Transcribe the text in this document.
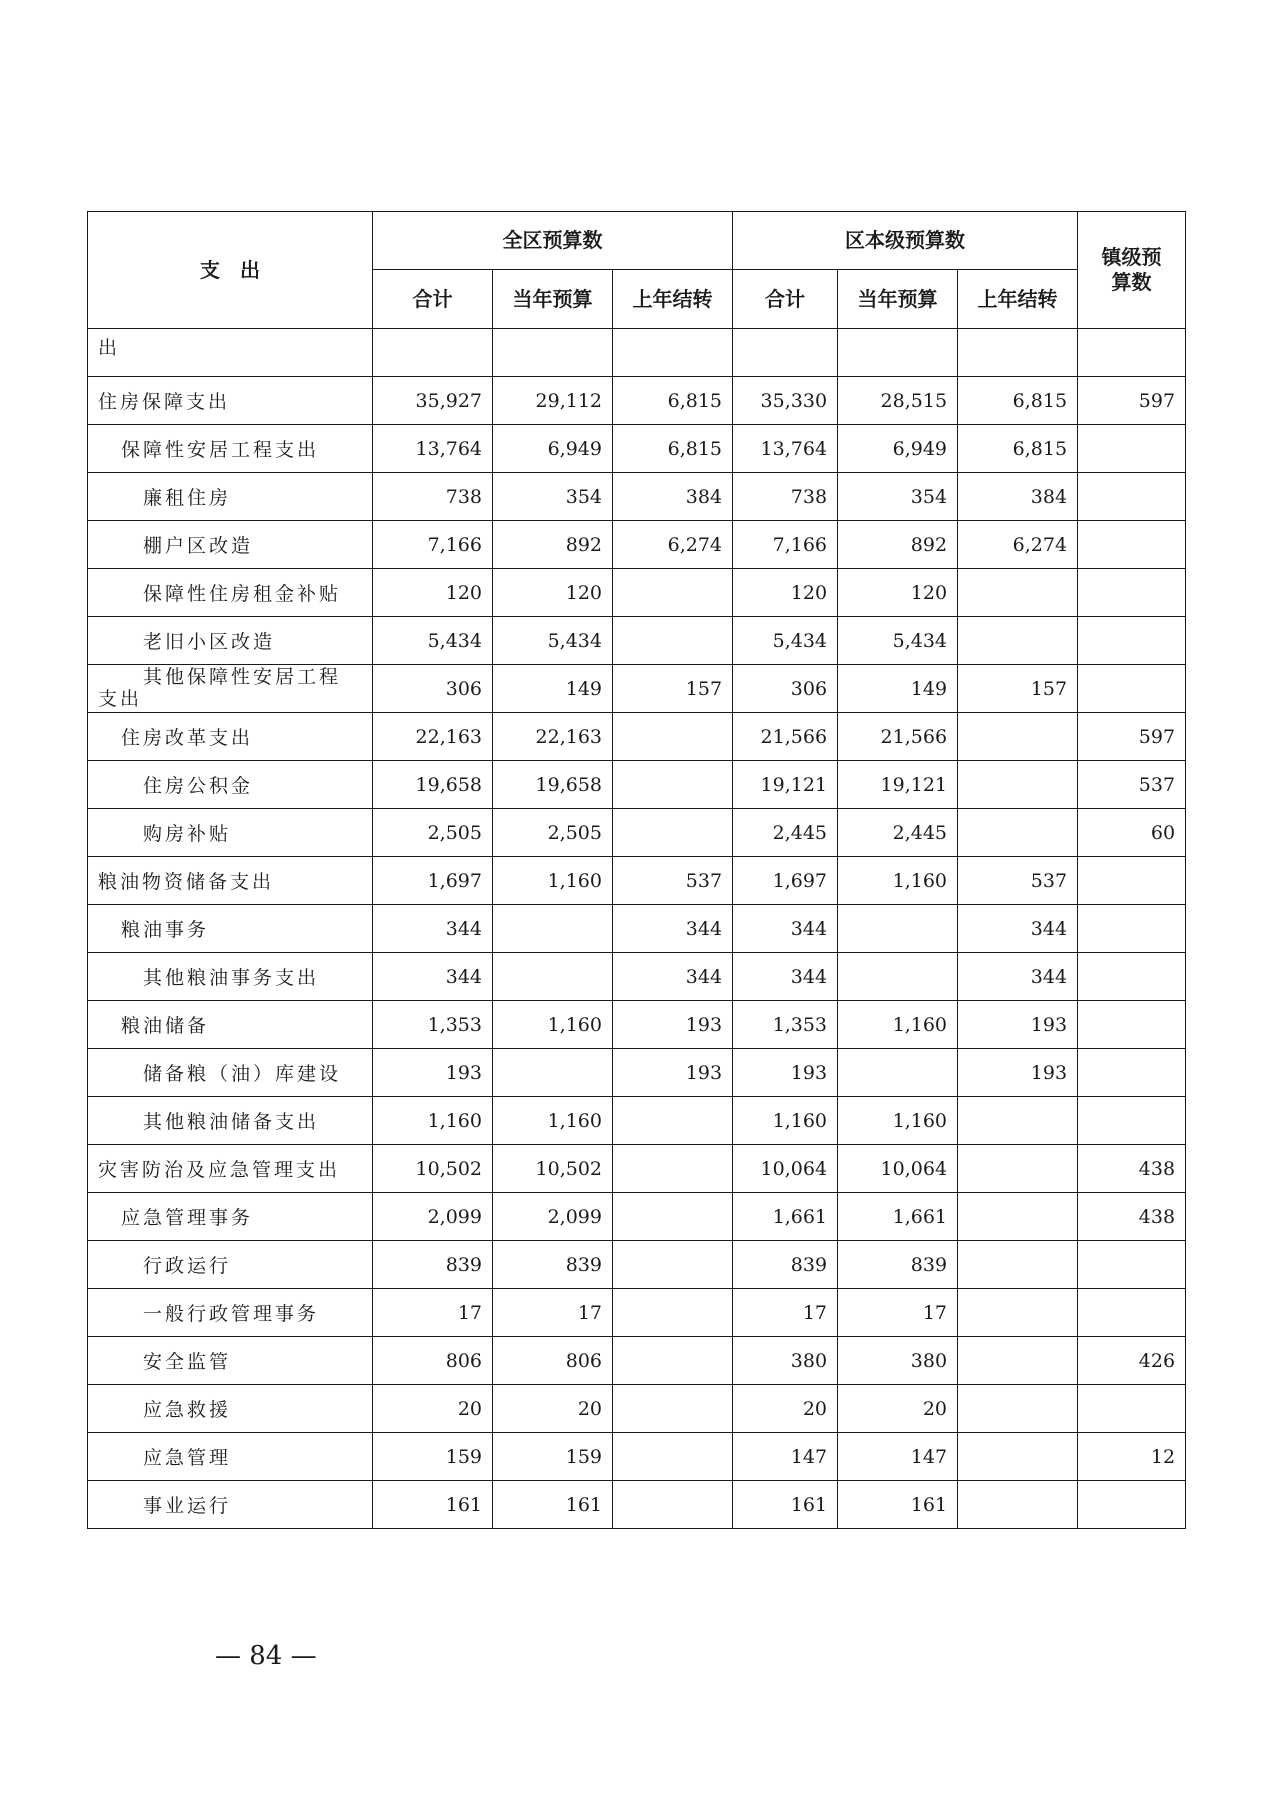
支　出	全区预算数			区本级预算数			镇级预算数
	合计	当年预算	上年结转	合计	当年预算	上年结转	
出							
住房保障支出	35,927	29,112	6,815	35,330	28,515	6,815	597
保障性安居工程支出	13,764	6,949	6,815	13,764	6,949	6,815	
廉租住房	738	354	384	738	354	384	
棚户区改造	7,166	892	6,274	7,166	892	6,274	
保障性住房租金补贴	120	120		120	120		
老旧小区改造	5,434	5,434		5,434	5,434		

其他保障性安居工程
支出	306	149	157	306	149	157	
住房改革支出	22,163	22,163		21,566	21,566		597
住房公积金	19,658	19,658		19,121	19,121		537
购房补贴	2,505	2,505		2,445	2,445		60
粮油物资储备支出	1,697	1,160	537	1,697	1,160	537	
粮油事务	344		344	344		344	
其他粮油事务支出	344		344	344		344	
粮油储备	1,353	1,160	193	1,353	1,160	193	
储备粮（油）库建设	193		193	193		193	
其他粮油储备支出	1,160	1,160		1,160	1,160		
灾害防治及应急管理支出	10,502	10,502		10,064	10,064		438
应急管理事务	2,099	2,099		1,661	1,661		438
行政运行	839	839		839	839		
一般行政管理事务	17	17		17	17		
安全监管	806	806		380	380		426
应急救援	20	20		20	20		
应急管理	159	159		147	147		12
事业运行	161	161		161	161		
— 84 —
